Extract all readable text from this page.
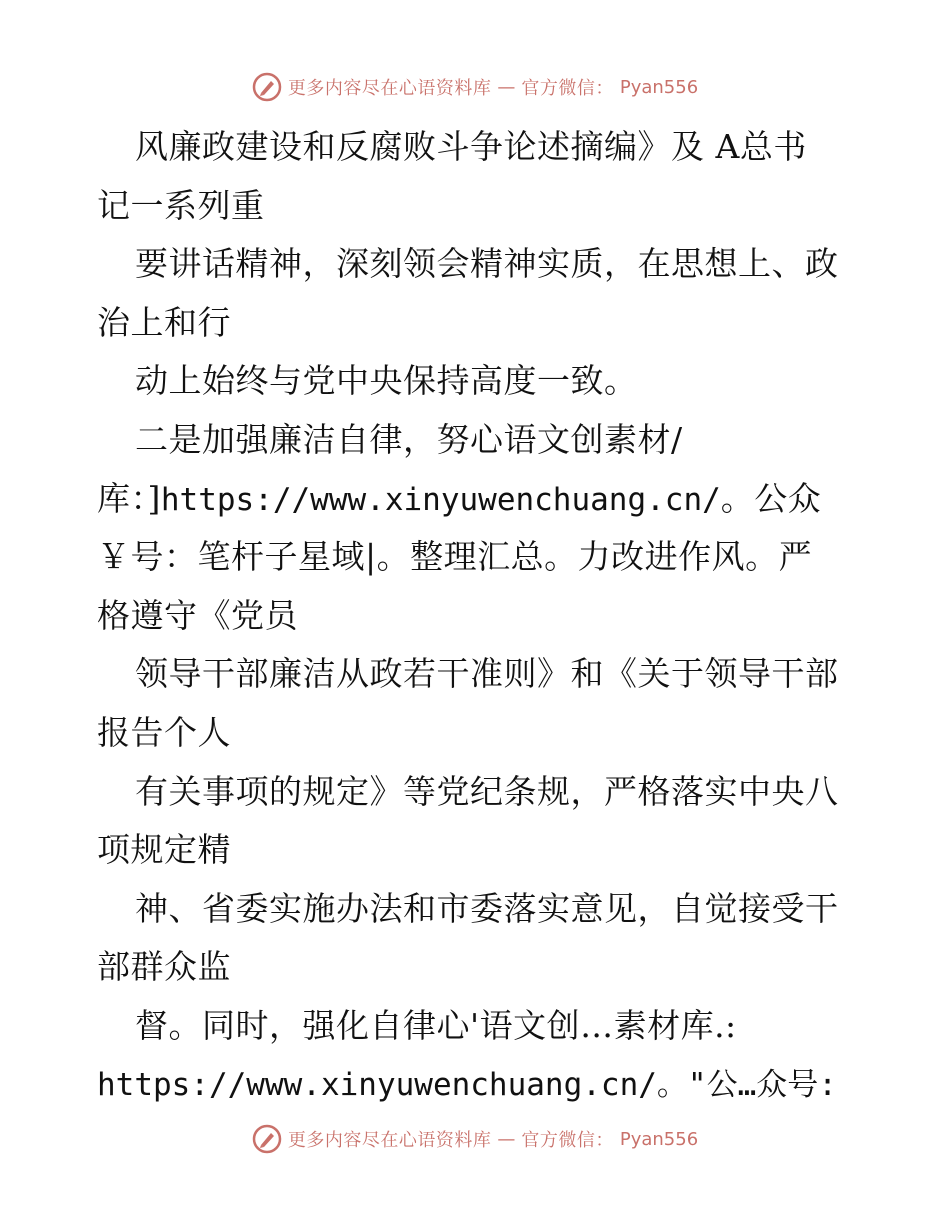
更多内容尽在心语资料库 — 官方微信： Pyan556
风廉政建设和反腐败斗争论述摘编》及 A总书
记一系列重
要讲话精神，深刻领会精神实质，在思想上、政
治上和行
动上始终与党中央保持高度一致。
二是加强廉洁自律，努心语文创素材/
库：]https://www.xinyuwenchuang.cn/。公众
￥号：笔杆子星域|。整理汇总。力改进作风。严
格遵守《党员
领导干部廉洁从政若干准则》和《关于领导干部
报告个人
有关事项的规定》等党纪条规，严格落实中央八
项规定精
神、省委实施办法和市委落实意见，自觉接受干
部群众监
督。同时，强化自律心'语文创…素材库.:
https://www.xinyuwenchuang.cn/。"公…众号:
更多内容尽在心语资料库 — 官方微信： Pyan556
